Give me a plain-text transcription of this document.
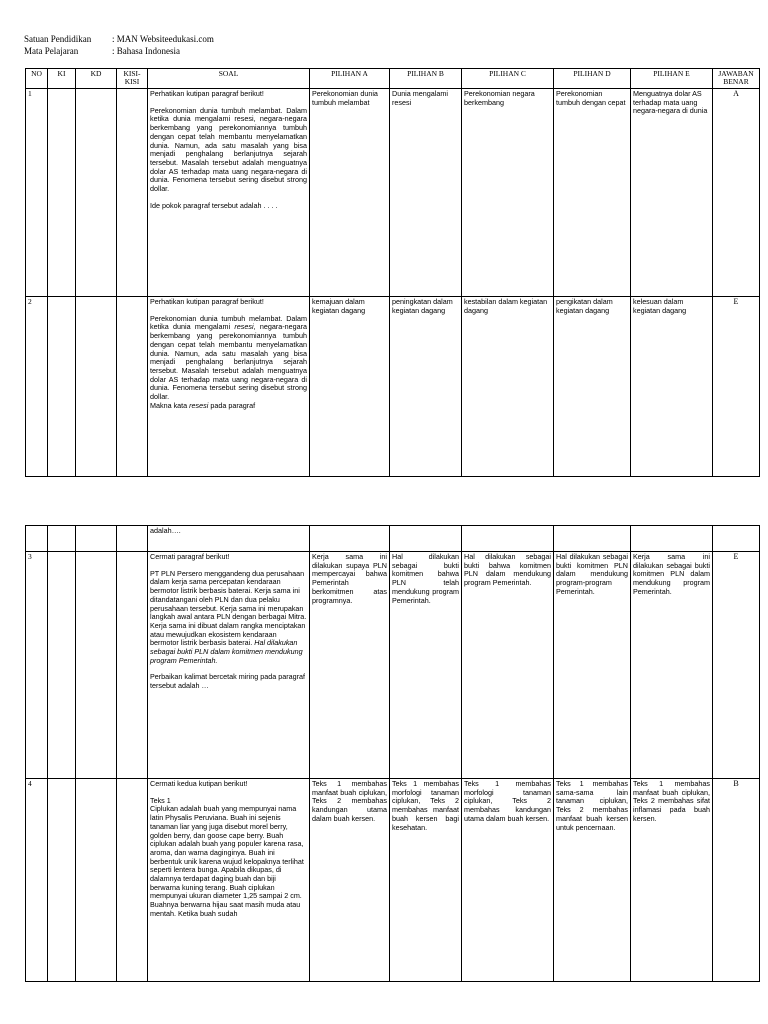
Satuan Pendidikan : MAN Websiteedukasi.com
Mata Pelajaran	: Bahasa Indonesia
NO	KI	KD	KISI-KISI	SOAL	PILIHAN A	PILIHAN B	PILIHAN C	PILIHAN D	PILIHAN E	JAWABAN BENAR
1				Perhatikan kutipan paragraf berikut!

Perekonomian dunia tumbuh melambat. Dalam ketika dunia mengalami resesi, negara-negara berkembang yang perekonomiannya tumbuh dengan cepat telah membantu menyelamatkan dunia. Namun, ada satu masalah yang bisa menjadi penghalang berlanjutnya sejarah tersebut. Masalah tersebut adalah menguatnya dolar AS terhadap mata uang negara-negara di dunia. Fenomena tersebut sering disebut strong dollar.

Ide pokok paragraf tersebut adalah . . . .	Perekonomian dunia tumbuh melambat	Dunia mengalami resesi	Perekonomian negara berkembang	Perekonomian tumbuh dengan cepat	Menguatnya dolar AS terhadap mata uang negara-negara di dunia	A
2				Perhatikan kutipan paragraf berikut!

Perekonomian dunia tumbuh melambat. Dalam ketika dunia mengalami resesi, negara-negara berkembang yang perekonomiannya tumbuh dengan cepat telah membantu menyelamatkan dunia. Namun, ada satu masalah yang bisa menjadi penghalang berlanjutnya sejarah tersebut. Masalah tersebut adalah menguatnya dolar AS terhadap mata uang negara-negara di dunia. Fenomena tersebut sering disebut strong dollar.

Makna kata resesi pada paragraf	kemajuan dalam kegiatan dagang	peningkatan dalam kegiatan dagang	kestabilan dalam kegiatan dagang	pengikatan dalam kegiatan dagang	kelesuan dalam kegiatan dagang	E
				adalah….						
3				Cermati paragraf berikut!

PT PLN Persero menggandeng dua perusahaan dalam kerja sama percepatan kendaraan bermotor listrik berbasis baterai. Kerja sama ini ditandatangani oleh PLN dan dua pelaku perusahaan tersebut. Kerja sama ini merupakan langkah awal antara PLN dengan berbagai Mitra. Kerja sama ini dibuat dalam rangka menciptakan atau mewujudkan ekosistem kendaraan bermotor listrik berbasis baterai. Hal dilakukan sebagai bukti PLN dalam komitmen mendukung program Pemerintah.

Perbaikan kalimat bercetak miring pada paragraf tersebut adalah …	Kerja sama ini dilakukan supaya PLN mempercayai bahwa Pemerintah berkomitmen atas programnya.	Hal dilakukan sebagai bukti komitmen bahwa PLN telah mendukung program Pemerintah.	Hal dilakukan sebagai bukti bahwa komitmen PLN dalam mendukung program Pemerintah.	Hal dilakukan sebagai bukti komitmen PLN dalam mendukung program-program Pemerintah.	Kerja sama ini dilakukan sebagai bukti komitmen PLN dalam mendukung program Pemerintah.	E
4				Cermati kedua kutipan berikut!

Teks 1

Ciplukan adalah buah yang mempunyai nama latin Physalis Peruviana. Buah ini sejenis tanaman liar yang juga disebut morel berry, golden berry, dan goose cape berry. Buah ciplukan adalah buah yang populer karena rasa, aroma, dan warna daginginya. Buah ini berbentuk unik karena wujud kelopaknya terlihat seperti lentera bunga. Apabila dikupas, di dalamnya terdapat daging buah dan biji berwarna kuning terang. Buah ciplukan mempunyai ukuran diameter 1,25 sampai 2 cm. Buahnya berwarna hijau saat masih muda atau mentah. Ketika buah sudah	Teks 1 membahas manfaat buah ciplukan, Teks 2 membahas kandungan utama dalam buah kersen.	Teks 1 membahas morfologi tanaman ciplukan, Teks 2 membahas manfaat buah kersen bagi kesehatan.	Teks 1 membahas morfologi tanaman ciplukan, Teks 2 membahas kandungan utama dalam buah kersen.	Teks 1 membahas sama-sama lain tanaman ciplukan, Teks 2 membahas manfaat buah kersen untuk pencernaan.	Teks 1 membahas manfaat buah ciplukan, Teks 2 membahas sifat inflamasi pada buah kersen.	B
